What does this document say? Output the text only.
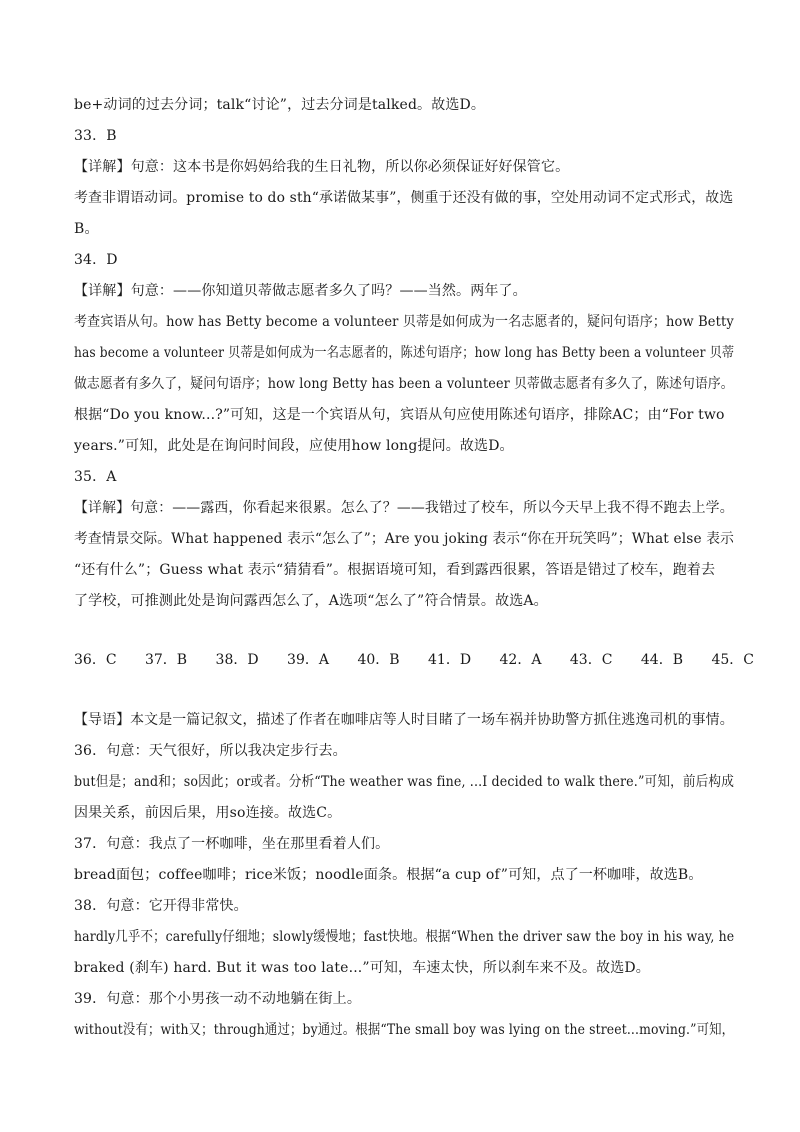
be+动词的过去分词；talk“讨论”，过去分词是talked。故选D。
33．B
【详解】句意：这本书是你妈妈给我的生日礼物，所以你必须保证好好保管它。
考查非谓语动词。promise to do sth“承诺做某事”，侧重于还没有做的事，空处用动词不定式形式，故选
B。
34．D
【详解】句意：——你知道贝蒂做志愿者多久了吗？——当然。两年了。
考查宾语从句。how has Betty become a volunteer 贝蒂是如何成为一名志愿者的，疑问句语序；how Betty
has become a volunteer 贝蒂是如何成为一名志愿者的，陈述句语序；how long has Betty been a volunteer 贝蒂
做志愿者有多久了，疑问句语序；how long Betty has been a volunteer 贝蒂做志愿者有多久了，陈述句语序。
根据“Do you know...?”可知，这是一个宾语从句，宾语从句应使用陈述句语序，排除AC；由“For two
years.”可知，此处是在询问时间段，应使用how long提问。故选D。
35．A
【详解】句意：——露西，你看起来很累。怎么了？——我错过了校车，所以今天早上我不得不跑去上学。
考查情景交际。What happened 表示“怎么了”；Are you joking 表示“你在开玩笑吗”；What else 表示
“还有什么”；Guess what 表示“猜猜看”。根据语境可知，看到露西很累，答语是错过了校车，跑着去
了学校，可推测此处是询问露西怎么了，A选项“怎么了”符合情景。故选A。
36．C 37．B 38．D 39．A 40．B 41．D 42．A 43．C 44．B 45．C
【导语】本文是一篇记叙文，描述了作者在咖啡店等人时目睹了一场车祸并协助警方抓住逃逸司机的事情。
36．句意：天气很好，所以我决定步行去。
but但是；and和；so因此；or或者。分析“The weather was fine, ...I decided to walk there.”可知，前后构成
因果关系，前因后果，用so连接。故选C。
37．句意：我点了一杯咖啡，坐在那里看着人们。
bread面包；coffee咖啡；rice米饭；noodle面条。根据“a cup of”可知，点了一杯咖啡，故选B。
38．句意：它开得非常快。
hardly几乎不；carefully仔细地；slowly缓慢地；fast快地。根据“When the driver saw the boy in his way, he
braked (刹车) hard. But it was too late...”可知，车速太快，所以刹车来不及。故选D。
39．句意：那个小男孩一动不动地躺在街上。
without没有；with又；through通过；by通过。根据“The small boy was lying on the street...moving.”可知，
